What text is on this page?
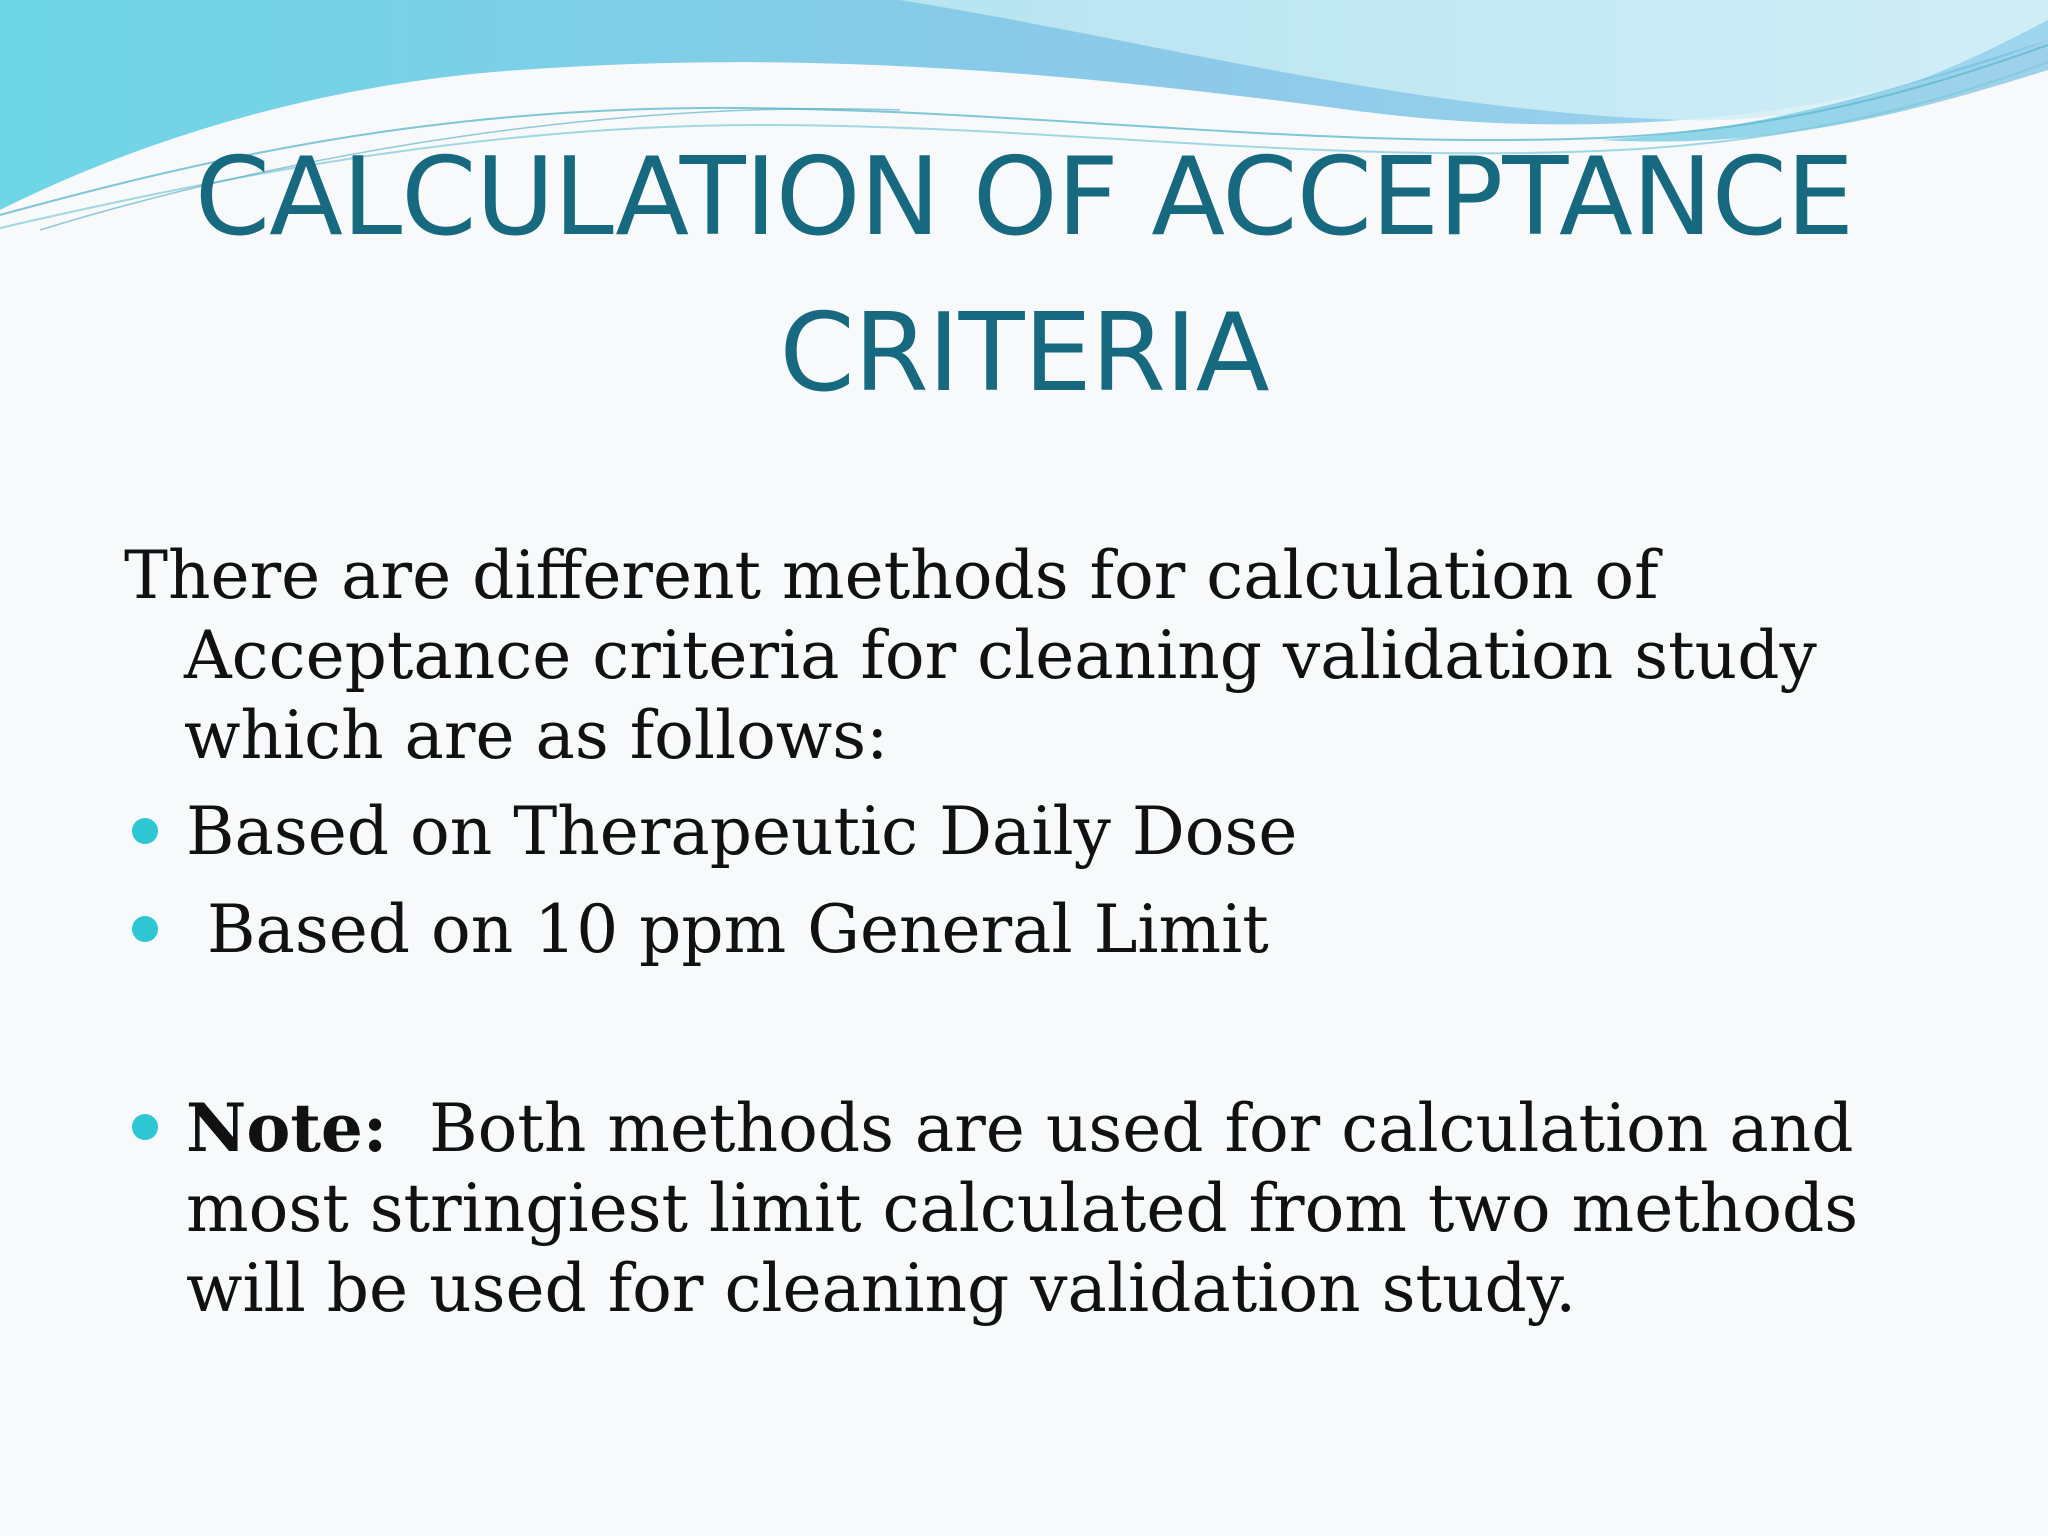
CALCULATION OF ACCEPTANCE
CRITERIA

There are different methods for calculation of Acceptance criteria for cleaning validation study which are as follows:

Based on Therapeutic Daily Dose
Based on 10 ppm General Limit
Note:  Both methods are used for calculation and most stringiest limit calculated from two methods will be used for cleaning validation study.
